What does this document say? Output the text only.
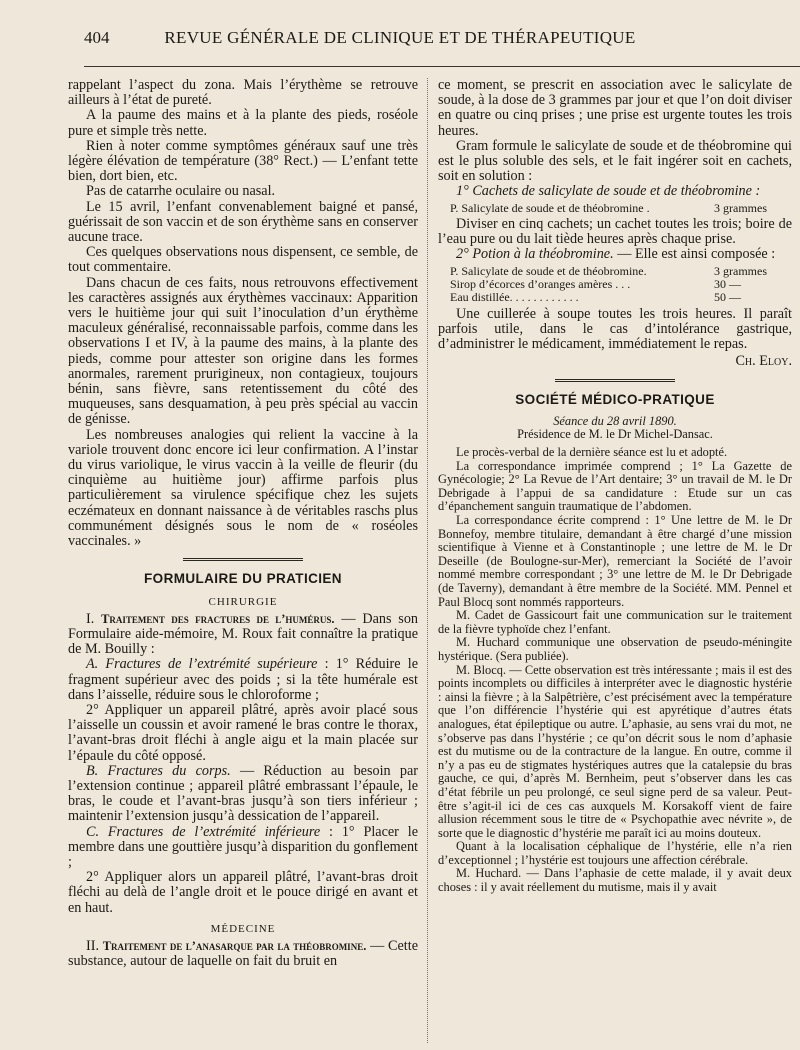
REVUE GÉNÉRALE DE CLINIQUE ET DE THÉRAPEUTIQUE
404

rappelant l’aspect du zona. Mais l’érythème se retrouve ailleurs à l’état de pureté.

A la paume des mains et à la plante des pieds, roséole pure et simple très nette.

Rien à noter comme symptômes généraux sauf une très légère élévation de température (38° Rect.) — L’enfant tette bien, dort bien, etc.

Pas de catarrhe oculaire ou nasal.

Le 15 avril, l’enfant convenablement baigné et pansé, guérissait de son vaccin et de son érythème sans en conserver aucune trace.

Ces quelques observations nous dispensent, ce semble, de tout commentaire.

Dans chacun de ces faits, nous retrouvons effectivement les caractères assignés aux érythèmes vaccinaux: Apparition vers le huitième jour qui suit l’inoculation d’un érythème maculeux généralisé, reconnaissable parfois, comme dans les observations I et IV, à la paume des mains, à la plante des pieds, comme pour attester son origine dans les formes anormales, rarement prurigineux, non contagieux, toujours bénin, sans fièvre, sans retentissement du côté des muqueuses, sans desquamation, à peu près spécial au vaccin de génisse.

Les nombreuses analogies qui relient la vaccine à la variole trouvent donc encore ici leur confirmation. A l’instar du virus variolique, le virus vaccin à la veille de fleurir (du cinquième au huitième jour) affirme parfois plus particulièrement sa virulence spécifique chez les sujets eczémateux en donnant naissance à de véritables raschs plus communément désignés sous le nom de « roséoles vaccinales. »

FORMULAIRE DU PRATICIEN
CHIRURGIE

I. Traitement des fractures de l’humérus. — Dans son Formulaire aide-mémoire, M. Roux fait connaître la pratique de M. Bouilly :

A. Fractures de l’extrémité supérieure : 1° Réduire le fragment supérieur avec des poids ; si la tête humérale est dans l’aisselle, réduire sous le chloroforme ;

2° Appliquer un appareil plâtré, après avoir placé sous l’aisselle un coussin et avoir ramené le bras contre le thorax, l’avant-bras droit fléchi à angle aigu et la main placée sur l’épaule du côté opposé.

B. Fractures du corps. — Réduction au besoin par l’extension continue ; appareil plâtré embrassant l’épaule, le bras, le coude et l’avant-bras jusqu’à son tiers inférieur ; maintenir l’extension jusqu’à dessication de l’appareil.

C. Fractures de l’extrémité inférieure : 1° Placer le membre dans une gouttière jusqu’à disparition du gonflement ;

2° Appliquer alors un appareil plâtré, l’avant-bras droit fléchi au delà de l’angle droit et le pouce dirigé en avant et en haut.

MÉDECINE

II. Traitement de l’anasarque par la théobromine. — Cette substance, autour de laquelle on fait du bruit en

ce moment, se prescrit en association avec le salicylate de soude, à la dose de 3 grammes par jour et que l’on doit diviser en quatre ou cinq prises ; une prise est urgente toutes les trois heures.

Gram formule le salicylate de soude et de théobromine qui est le plus soluble des sels, et le fait ingérer soit en cachets, soit en solution :

1° Cachets de salicylate de soude et de théobromine :

P. Salicylate de soude et de théobromine .	3 grammes

Diviser en cinq cachets; un cachet toutes les trois; boire de l’eau pure ou du lait tiède heures après chaque prise.

2° Potion à la théobromine. — Elle est ainsi composée :

P. Salicylate de soude et de théobromine.	3 grammes
Sirop d’écorces d’oranges amères . . .	30 —
Eau distillée. . . . . . . . . . . .	50 —

Une cuillerée à soupe toutes les trois heures. Il paraît parfois utile, dans le cas d’intolérance gastrique, d’administrer le médicament, immédiatement le repas.

Ch. Eloy.
SOCIÉTÉ MÉDICO-PRATIQUE
Séance du 28 avril 1890.
Présidence de M. le Dr Michel-Dansac.

Le procès-verbal de la dernière séance est lu et adopté.

La correspondance imprimée comprend ; 1° La Gazette de Gynécologie; 2° La Revue de l’Art dentaire; 3° un travail de M. le Dr Debrigade à l’appui de sa candidature : Etude sur un cas d’épanchement sanguin traumatique de l’abdomen.

La correspondance écrite comprend : 1° Une lettre de M. le Dr Bonnefoy, membre titulaire, demandant à être chargé d’une mission scientifique à Vienne et à Constantinople ; une lettre de M. le Dr Deseille (de Boulogne-sur-Mer), remerciant la Société de l’avoir nommé membre correspondant ; 3° une lettre de M. le Dr Debrigade (de Taverny), demandant à être membre de la Société. MM. Pennel et Paul Blocq sont nommés rapporteurs.

M. Cadet de Gassicourt fait une communication sur le traitement de la fièvre typhoïde chez l’enfant.

M. Huchard communique une observation de pseudo-méningite hystérique. (Sera publiée).

M. Blocq. — Cette observation est très intéressante ; mais il est des points incomplets ou difficiles à interpréter avec le diagnostic hystérie : ainsi la fièvre ; à la Salpêtrière, c’est précisément avec la température que l’on différencie l’hystérie qui est apyrétique d’autres états analogues, état épileptique ou autre. L’aphasie, au sens vrai du mot, ne s’observe pas dans l’hystérie ; ce qu’on décrit sous le nom d’aphasie est du mutisme ou de la contracture de la langue. En outre, comme il n’y a pas eu de stigmates hystériques autres que la catalepsie du bras gauche, ce qui, d’après M. Bernheim, peut s’observer dans les cas d’état fébrile un peu prolongé, ce seul signe perd de sa valeur. Peut-être s’agit-il ici de ces cas auxquels M. Korsakoff vient de faire allusion récemment sous le titre de « Psychopathie avec névrite », de sorte que le diagnostic d’hystérie me paraît ici au moins douteux.

Quant à la localisation céphalique de l’hystérie, elle n’a rien d’exceptionnel ; l’hystérie est toujours une affection cérébrale.

M. Huchard. — Dans l’aphasie de cette malade, il y avait deux choses : il y avait réellement du mutisme, mais il y avait
